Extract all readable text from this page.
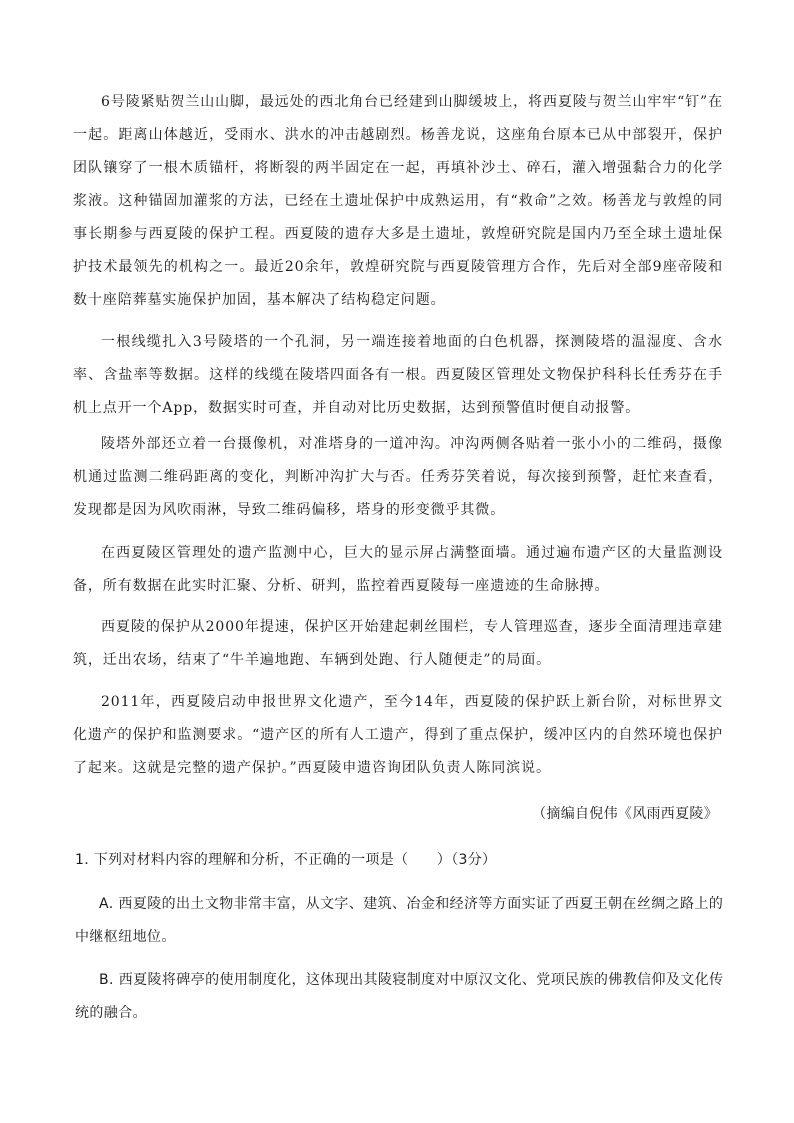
6号陵紧贴贺兰山山脚，最远处的西北角台已经建到山脚缓坡上，将西夏陵与贺兰山牢牢“钉”在一起。距离山体越近，受雨水、洪水的冲击越剧烈。杨善龙说，这座角台原本已从中部裂开，保护团队镶穿了一根木质锚杆，将断裂的两半固定在一起，再填补沙土、碎石，灌入增强黏合力的化学浆液。这种锚固加灌浆的方法，已经在土遗址保护中成熟运用，有“救命”之效。杨善龙与敦煌的同事长期参与西夏陵的保护工程。西夏陵的遗存大多是土遗址，敦煌研究院是国内乃至全球土遗址保护技术最领先的机构之一。最近20余年，敦煌研究院与西夏陵管理方合作，先后对全部9座帝陵和数十座陪葬墓实施保护加固，基本解决了结构稳定问题。

一根线缆扎入3号陵塔的一个孔洞，另一端连接着地面的白色机器，探测陵塔的温湿度、含水率、含盐率等数据。这样的线缆在陵塔四面各有一根。西夏陵区管理处文物保护科科长任秀芬在手机上点开一个App，数据实时可查，并自动对比历史数据，达到预警值时便自动报警。

陵塔外部还立着一台摄像机，对准塔身的一道冲沟。冲沟两侧各贴着一张小小的二维码，摄像机通过监测二维码距离的变化，判断冲沟扩大与否。任秀芬笑着说，每次接到预警，赶忙来查看，发现都是因为风吹雨淋，导致二维码偏移，塔身的形变微乎其微。

在西夏陵区管理处的遗产监测中心，巨大的显示屏占满整面墙。通过遍布遗产区的大量监测设备，所有数据在此实时汇聚、分析、研判，监控着西夏陵每一座遗迹的生命脉搏。

西夏陵的保护从2000年提速，保护区开始建起刺丝围栏，专人管理巡查，逐步全面清理违章建筑，迁出农场，结束了“牛羊遍地跑、车辆到处跑、行人随便走”的局面。

2011年，西夏陵启动申报世界文化遗产，至今14年，西夏陵的保护跃上新台阶，对标世界文化遗产的保护和监测要求。“遗产区的所有人工遗产，得到了重点保护，缓冲区内的自然环境也保护了起来。这就是完整的遗产保护。”西夏陵申遗咨询团队负责人陈同滨说。

（摘编自倪伟《风雨西夏陵》
1. 下列对材料内容的理解和分析，不正确的一项是（　　）（3分）

A. 西夏陵的出土文物非常丰富，从文字、建筑、冶金和经济等方面实证了西夏王朝在丝绸之路上的中继枢纽地位。

B. 西夏陵将碑亭的使用制度化，这体现出其陵寝制度对中原汉文化、党项民族的佛教信仰及文化传统的融合。
